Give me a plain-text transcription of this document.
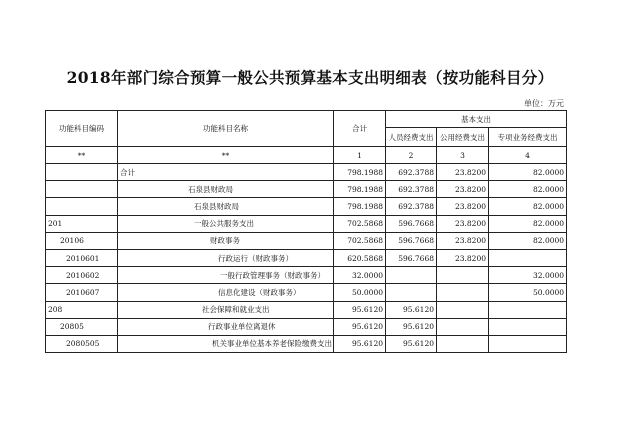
2018年部门综合预算一般公共预算基本支出明细表（按功能科目分）
单位：万元
功能科目编码	功能科目名称	合计	基本支出	
			人员经费支出	公用经费支出	专项业务经费支出	
**	**	1	2	3	4	
	合计	798.1988	692.3788	23.8200	82.0000	
	石泉县财政局	798.1988	692.3788	23.8200	82.0000	
	石泉县财政局	798.1988	692.3788	23.8200	82.0000	
201	一般公共服务支出	702.5868	596.7668	23.8200	82.0000	
20106	财政事务	702.5868	596.7668	23.8200	82.0000	
2010601	行政运行（财政事务）	620.5868	596.7668	23.8200		
2010602	一般行政管理事务（财政事务）	32.0000			32.0000	
2010607	信息化建设（财政事务）	50.0000			50.0000	
208	社会保障和就业支出	95.6120	95.6120			
20805	行政事业单位离退休	95.6120	95.6120			
2080505	机关事业单位基本养老保险缴费支出	95.6120	95.6120			
